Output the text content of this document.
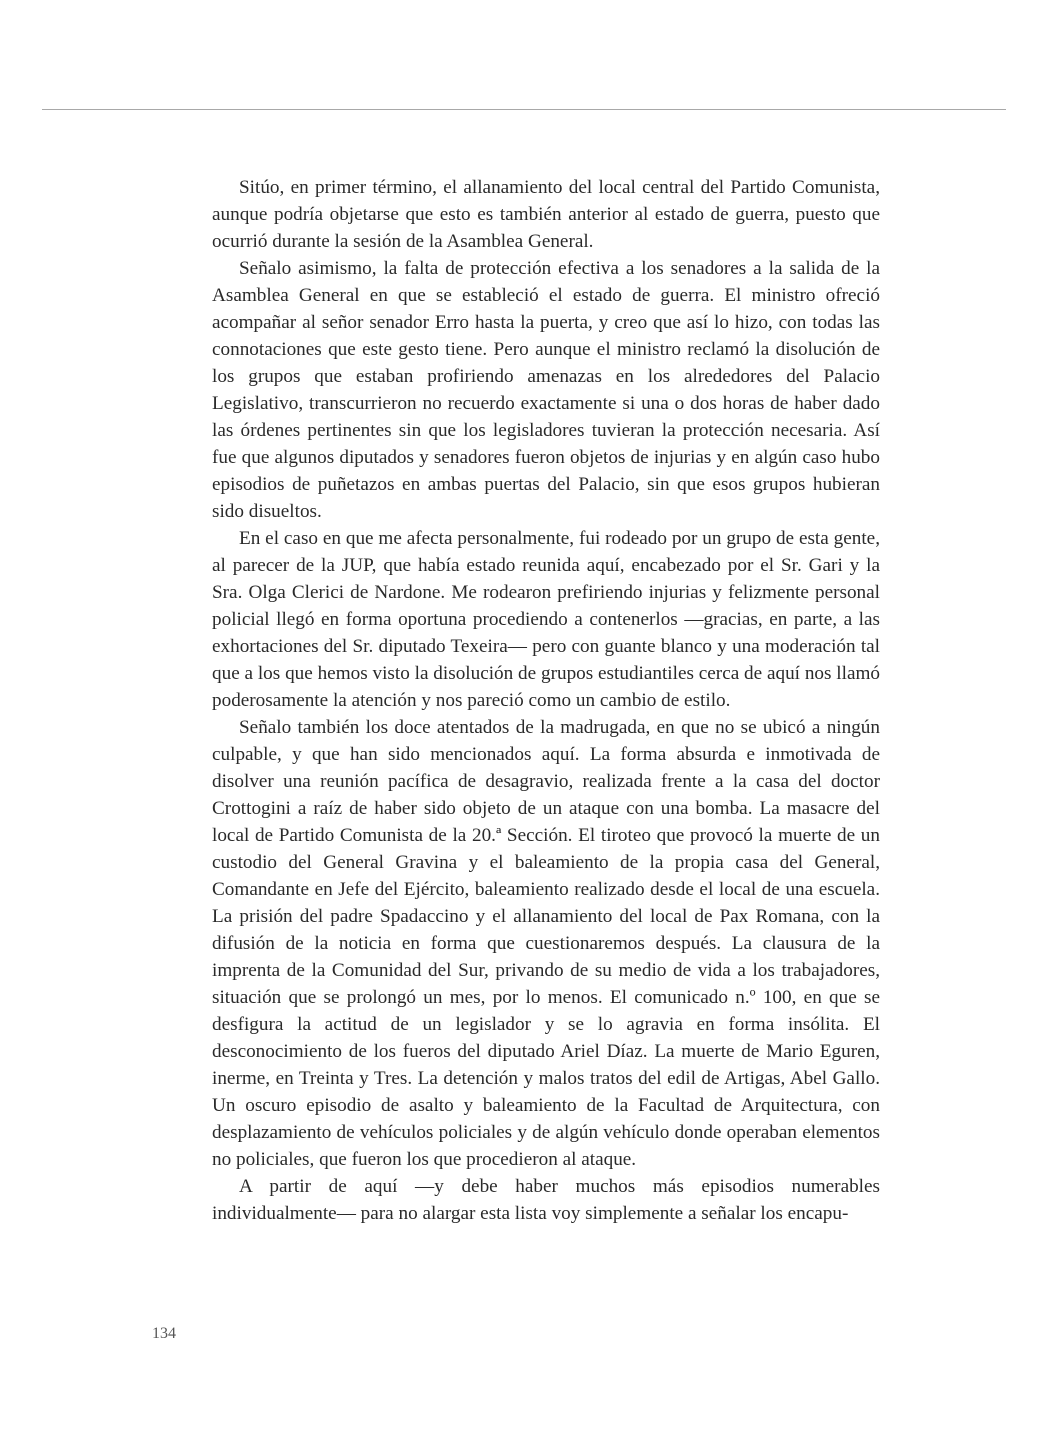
Sitúo, en primer término, el allanamiento del local central del Partido Comunista, aunque podría objetarse que esto es también anterior al estado de guerra, puesto que ocurrió durante la sesión de la Asamblea General.

Señalo asimismo, la falta de protección efectiva a los senadores a la salida de la Asamblea General en que se estableció el estado de guerra. El ministro ofreció acompañar al señor senador Erro hasta la puerta, y creo que así lo hizo, con todas las connotaciones que este gesto tiene. Pero aunque el ministro reclamó la disolución de los grupos que estaban profiriendo amenazas en los alrededores del Palacio Legislativo, transcurrieron no recuerdo exactamente si una o dos horas de haber dado las órdenes pertinentes sin que los legisladores tuvieran la protección necesaria. Así fue que algunos diputados y senadores fueron objetos de injurias y en algún caso hubo episodios de puñetazos en ambas puertas del Palacio, sin que esos grupos hubieran sido disueltos.

En el caso en que me afecta personalmente, fui rodeado por un grupo de esta gente, al parecer de la JUP, que había estado reunida aquí, encabezado por el Sr. Gari y la Sra. Olga Clerici de Nardone. Me rodearon prefiriendo injurias y felizmente personal policial llegó en forma oportuna procediendo a contenerlos —gracias, en parte, a las exhortaciones del Sr. diputado Texeira— pero con guante blanco y una moderación tal que a los que hemos visto la disolución de grupos estudiantiles cerca de aquí nos llamó poderosamente la atención y nos pareció como un cambio de estilo.

Señalo también los doce atentados de la madrugada, en que no se ubicó a ningún culpable, y que han sido mencionados aquí. La forma absurda e inmotivada de disolver una reunión pacífica de desagravio, realizada frente a la casa del doctor Crottogini a raíz de haber sido objeto de un ataque con una bomba. La masacre del local de Partido Comunista de la 20.ª Sección. El tiroteo que provocó la muerte de un custodio del General Gravina y el baleamiento de la propia casa del General, Comandante en Jefe del Ejército, baleamiento realizado desde el local de una escuela. La prisión del padre Spadaccino y el allanamiento del local de Pax Romana, con la difusión de la noticia en forma que cuestionaremos después. La clausura de la imprenta de la Comunidad del Sur, privando de su medio de vida a los trabajadores, situación que se prolongó un mes, por lo menos. El comunicado n.º 100, en que se desfigura la actitud de un legislador y se lo agravia en forma insólita. El desconocimiento de los fueros del diputado Ariel Díaz. La muerte de Mario Eguren, inerme, en Treinta y Tres. La detención y malos tratos del edil de Artigas, Abel Gallo. Un oscuro episodio de asalto y baleamiento de la Facultad de Arquitectura, con desplazamiento de vehículos policiales y de algún vehículo donde operaban elementos no policiales, que fueron los que procedieron al ataque.

A partir de aquí —y debe haber muchos más episodios numerables individualmente— para no alargar esta lista voy simplemente a señalar los encapu-

134
